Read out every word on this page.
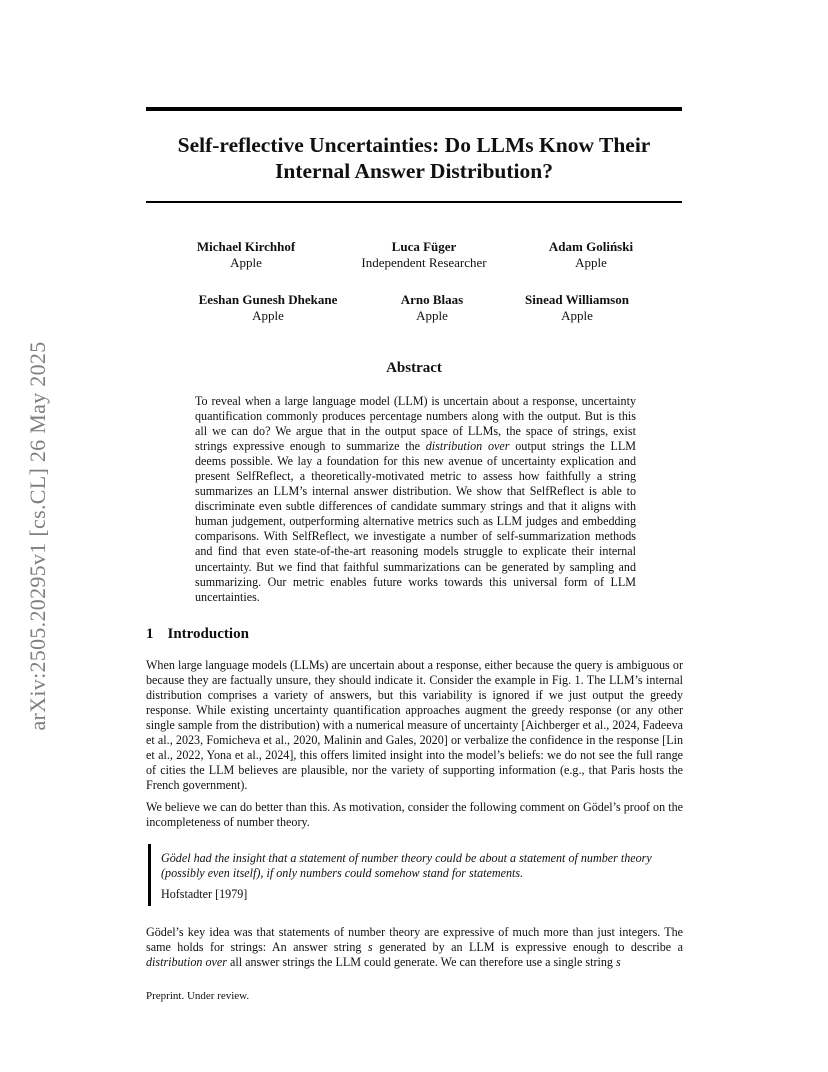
arXiv:2505.20295v1 [cs.CL] 26 May 2025
Self-reflective Uncertainties: Do LLMs Know Their Internal Answer Distribution?
Michael Kirchhof
Apple
Luca Füger
Independent Researcher
Adam Goliński
Apple
Eeshan Gunesh Dhekane
Apple
Arno Blaas
Apple
Sinead Williamson
Apple
Abstract
To reveal when a large language model (LLM) is uncertain about a response, uncertainty quantification commonly produces percentage numbers along with the output. But is this all we can do? We argue that in the output space of LLMs, the space of strings, exist strings expressive enough to summarize the distribution over output strings the LLM deems possible. We lay a foundation for this new avenue of uncertainty explication and present SelfReflect, a theoretically-motivated metric to assess how faithfully a string summarizes an LLM’s internal answer distribution. We show that SelfReflect is able to discriminate even subtle differences of candidate summary strings and that it aligns with human judgement, outperforming alternative metrics such as LLM judges and embedding comparisons. With SelfReflect, we investigate a number of self-summarization methods and find that even state-of-the-art reasoning models struggle to explicate their internal uncertainty. But we find that faithful summarizations can be generated by sampling and summarizing. Our metric enables future works towards this universal form of LLM uncertainties.
1 Introduction

When large language models (LLMs) are uncertain about a response, either because the query is ambiguous or because they are factually unsure, they should indicate it. Consider the example in Fig. 1. The LLM’s internal distribution comprises a variety of answers, but this variability is ignored if we just output the greedy response. While existing uncertainty quantification approaches augment the greedy response (or any other single sample from the distribution) with a numerical measure of uncertainty [Aichberger et al., 2024, Fadeeva et al., 2023, Fomicheva et al., 2020, Malinin and Gales, 2020] or verbalize the confidence in the response [Lin et al., 2022, Yona et al., 2024], this offers limited insight into the model’s beliefs: we do not see the full range of cities the LLM believes are plausible, nor the variety of supporting information (e.g., that Paris hosts the French government).

We believe we can do better than this. As motivation, consider the following comment on Gödel’s proof on the incompleteness of number theory.

Gödel had the insight that a statement of number theory could be about a statement of number theory (possibly even itself), if only numbers could somehow stand for statements.

Hofstadter [1979]

Gödel’s key idea was that statements of number theory are expressive of much more than just integers. The same holds for strings: An answer string s generated by an LLM is expressive enough to describe a distribution over all answer strings the LLM could generate. We can therefore use a single string s

Preprint. Under review.
